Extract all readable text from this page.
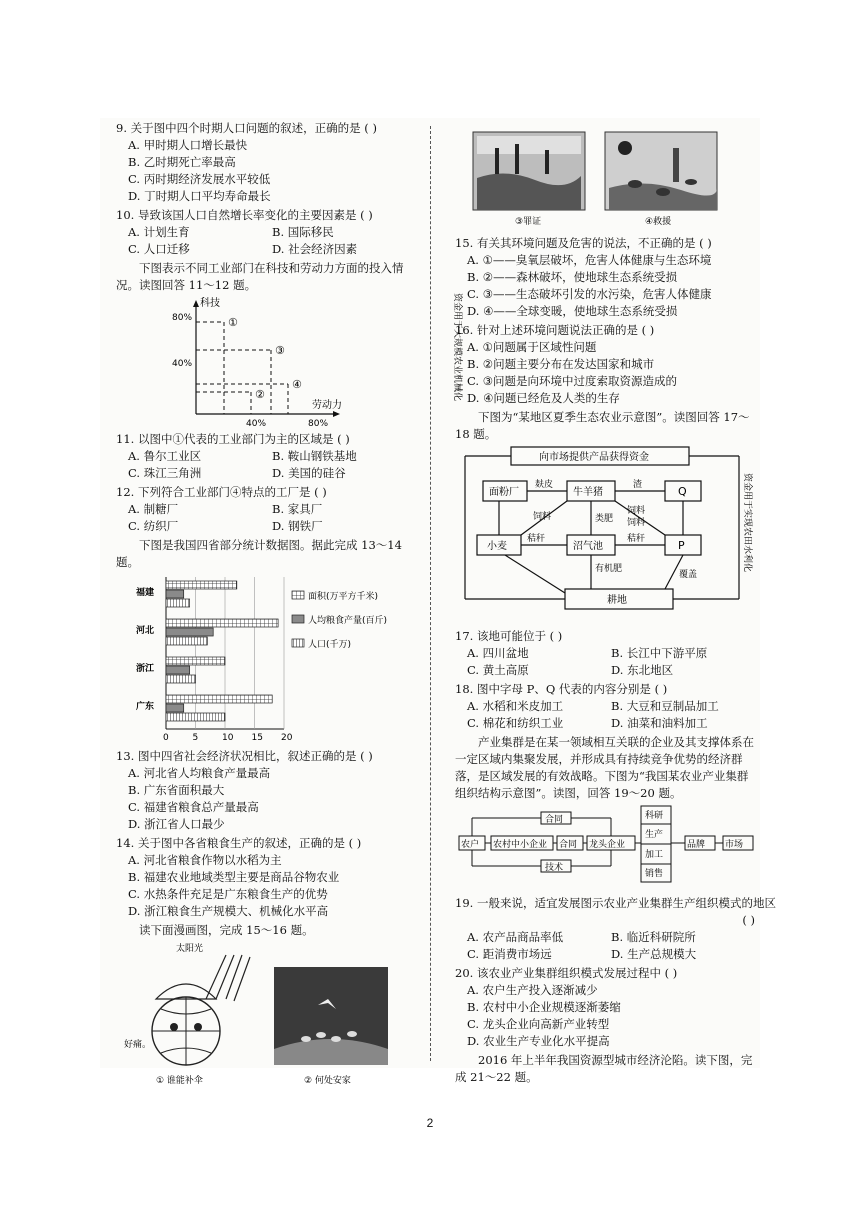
9. 关于图中四个时期人口问题的叙述，正确的是 ( )
A. 甲时期人口增长最快
B. 乙时期死亡率最高
C. 丙时期经济发展水平较低
D. 丁时期人口平均寿命最长
10. 导致该国人口自然增长率变化的主要因素是 ( )
A. 计划生育	B. 国际移民
C. 人口迁移	D. 社会经济因素
下图表示不同工业部门在科技和劳动力方面的投入情况。读图回答 11～12 题。
科技
劳动力
80%
40%
40%	80%
①
③
④
②
11. 以图中①代表的工业部门为主的区域是 ( )
A. 鲁尔工业区	B. 鞍山钢铁基地
C. 珠江三角洲	D. 美国的硅谷
12. 下列符合工业部门④特点的工厂是 ( )
A. 制糖厂	B. 家具厂
C. 纺织厂	D. 钢铁厂
下图是我国四省部分统计数据图。据此完成 13～14 题。
0	5	10 15 20
福建
河北
浙江
广东
面积(万平方千米)
人均粮食产量(百斤)
人口(千万)
13. 图中四省社会经济状况相比，叙述正确的是 ( )
A. 河北省人均粮食产量最高
B. 广东省面积最大
C. 福建省粮食总产量最高
D. 浙江省人口最少
14. 关于图中各省粮食生产的叙述，正确的是 ( )
A. 河北省粮食作物以水稻为主
B. 福建农业地域类型主要是商品谷物农业
C. 水热条件充足是广东粮食生产的优势
D. 浙江粮食生产规模大、机械化水平高
读下面漫画图，完成 15～16 题。
太阳光
好痛。
① 谁能补伞	② 何处安家
③罪证	④救援
15. 有关其环境问题及危害的说法，不正确的是 ( )
A. ①——臭氧层破坏，危害人体健康与生态环境
B. ②——森林破坏，使地球生态系统受损
C. ③——生态破坏引发的水污染，危害人体健康
D. ④——全球变暖，使地球生态系统受损
16. 针对上述环境问题说法正确的是 ( )
A. ①问题属于区域性问题
B. ②问题主要分布在发达国家和城市
C. ③问题是向环境中过度索取资源造成的
D. ④问题已经危及人类的生存
下图为“某地区夏季生态农业示意图”。读图回答 17～18 题。
向市场提供产品获得资金
面粉厂	牛羊猪	Q
小麦	沼气池	P
耕地
麸皮	渣
秸秆	秸秆
类肥
有机肥
饲料
饲料
饲料
覆盖
资金用于大规模农业机械化
资金用于实现农田水利化
17. 该地可能位于 ( )
A. 四川盆地	B. 长江中下游平原
C. 黄土高原	D. 东北地区
18. 图中字母 P、Q 代表的内容分别是 ( )
A. 水稻和米皮加工	B. 大豆和豆制品加工
C. 棉花和纺织工业	D. 油菜和油料加工
产业集群是在某一领域相互关联的企业及其支撑体系在一定区域内集聚发展，并形成具有持续竞争优势的经济群落，是区域发展的有效战略。下图为“我国某农业产业集群组织结构示意图”。读图，回答 19～20 题。
农户 农村中小企业 合同 龙头企业
合同
技术
科研
生产
加工
销售
品牌 市场
19. 一般来说，适宜发展图示农业产业集群生产组织模式的地区
( )
A. 农产品商品率低	B. 临近科研院所
C. 距消费市场远	D. 生产总规模大
20. 该农业产业集群组织模式发展过程中 ( )
A. 农户生产投入逐渐减少
B. 农村中小企业规模逐渐萎缩
C. 龙头企业向高新产业转型
D. 农业生产专业化水平提高
2016 年上半年我国资源型城市经济沦陷。读下图，完成 21～22 题。
2
